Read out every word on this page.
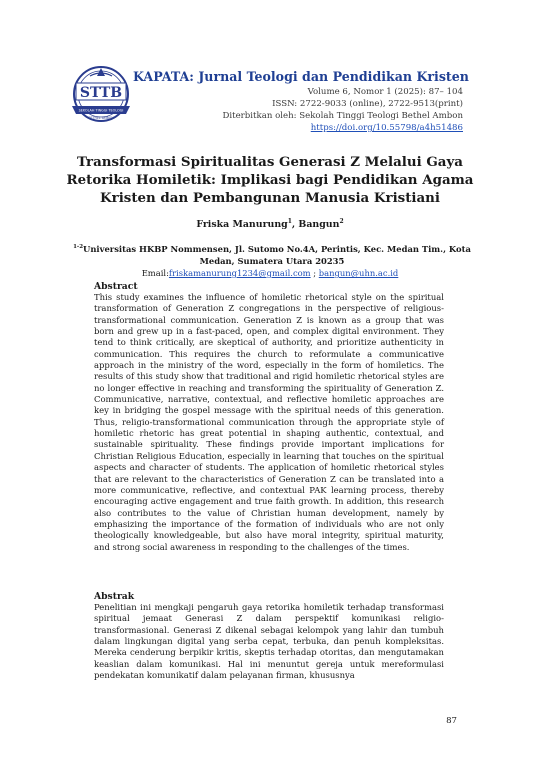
STTB
SEKOLAH TINGGI TEOLOGI
BETHEL AMBON
KAPATA: Jurnal Teologi dan Pendidikan Kristen
Volume 6, Nomor 1 (2025): 87– 104
ISSN: 2722-9033 (online), 2722-9513(print)
Diterbitkan oleh: Sekolah Tinggi Teologi Bethel Ambon
https://doi.org/10.55798/a4h51486
Transformasi Spiritualitas Generasi Z Melalui Gaya
Retorika Homiletik: Implikasi bagi Pendidikan Agama
Kristen dan Pembangunan Manusia Kristiani
Friska Manurung$^1$, Bangun$^2$
$^{1-2}$Universitas HKBP Nommensen, Jl. Sutomo No.4A, Perintis, Kec. Medan Tim., Kota
Medan, Sumatera Utara 20235
Email:friskamanurung1234@gmail.com ; bangun@uhn.ac.id
Abstract

This study examines the influence of homiletic rhetorical style on the spiritual transformation of Generation Z congregations in the perspective of religious-transformational communication. Generation Z is known as a group that was born and grew up in a fast-paced, open, and complex digital environment. They tend to think critically, are skeptical of authority, and prioritize authenticity in communication. This requires the church to reformulate a communicative approach in the ministry of the word, especially in the form of homiletics. The results of this study show that traditional and rigid homiletic rhetorical styles are no longer effective in reaching and transforming the spirituality of Generation Z. Communicative, narrative, contextual, and reflective homiletic approaches are key in bridging the gospel message with the spiritual needs of this generation. Thus, religio-transformational communication through the appropriate style of homiletic rhetoric has great potential in shaping authentic, contextual, and sustainable spirituality. These findings provide important implications for Christian Religious Education, especially in learning that touches on the spiritual aspects and character of students. The application of homiletic rhetorical styles that are relevant to the characteristics of Generation Z can be translated into a more communicative, reflective, and contextual PAK learning process, thereby encouraging active engagement and true faith growth. In addition, this research also contributes to the value of Christian human development, namely by emphasizing the importance of the formation of individuals who are not only theologically knowledgeable, but also have moral integrity, spiritual maturity, and strong social awareness in responding to the challenges of the times.

Abstrak

Penelitian ini mengkaji pengaruh gaya retorika homiletik terhadap transformasi spiritual jemaat Generasi Z dalam perspektif komunikasi religio-transformasional. Generasi Z dikenal sebagai kelompok yang lahir dan tumbuh dalam lingkungan digital yang serba cepat, terbuka, dan penuh kompleksitas. Mereka cenderung berpikir kritis, skeptis terhadap otoritas, dan mengutamakan keaslian dalam komunikasi. Hal ini menuntut gereja untuk mereformulasi pendekatan komunikatif dalam pelayanan firman, khususnya

87
